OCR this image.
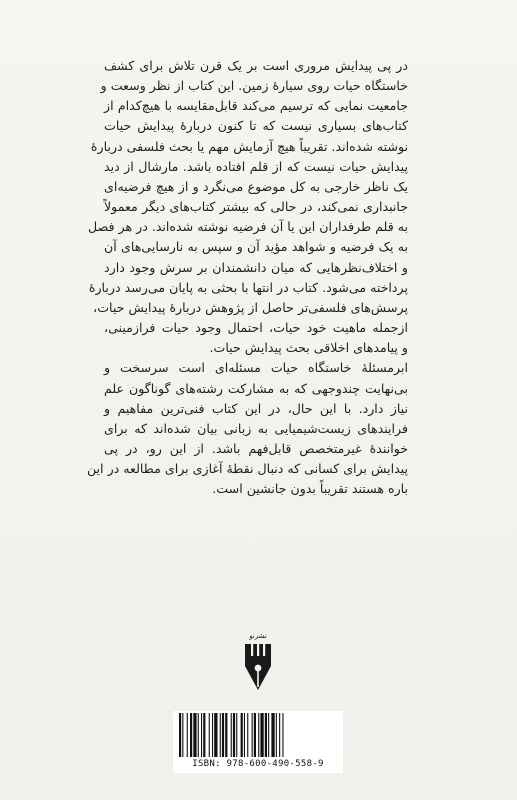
در پی پیدایش مروری است بر یک قرن تلاش برای کشف
خاستگاه حیات روی سیارهٔ زمین. این کتاب از نظر وسعت و
جامعیت نمایی که ترسیم می‌کند قابل‌مقایسه با هیچ‌کدام از
کتاب‌های بسیاری نیست که تا کنون دربارهٔ پیدایش حیات
نوشته شده‌اند. تقریباً هیچ آزمایش مهم یا بحث فلسفی دربارهٔ
پیدایش حیات نیست که از قلم افتاده باشد. مارشال از دید
یک ناظر خارجی به کل موضوع می‌نگرد و از هیچ فرضیه‌ای
جانبداری نمی‌کند، در حالی که بیشتر کتاب‌های دیگر معمولاً
به قلم طرفداران این یا آن فرضیه نوشته شده‌اند. در هر فصل
به یک فرضیه و شواهد مؤید آن و سپس به نارسایی‌های آن
و اختلاف‌نظرهایی که میان دانشمندان بر سرش وجود دارد
پرداخته می‌شود. کتاب در انتها با بحثی به پایان می‌رسد دربارهٔ
پرسش‌های فلسفی‌تر حاصل از پژوهش دربارهٔ پیدایش حیات،
ازجمله ماهیت خود حیات، احتمال وجود حیات فرازمینی،
و پیامدهای اخلاقی بحث پیدایش حیات.

ابرمسئلهٔ خاستگاه حیات مسئله‌ای است سرسخت و
بی‌نهایت چندوجهی که به مشارکت رشته‌های گوناگون علم
نیاز دارد. با این حال، در این کتاب فنی‌ترین مفاهیم و
فرایندهای زیست‌شیمیایی به زبانی بیان شده‌اند که برای
خوانندهٔ غیرمتخصص قابل‌فهم باشد. از این رو، در پی
پیدایش برای کسانی که دنبال نقطهٔ آغازی برای مطالعه در این
باره هستند تقریباً بدون جانشین است.

نشرنو
ISBN: 978-600-490-558-9
